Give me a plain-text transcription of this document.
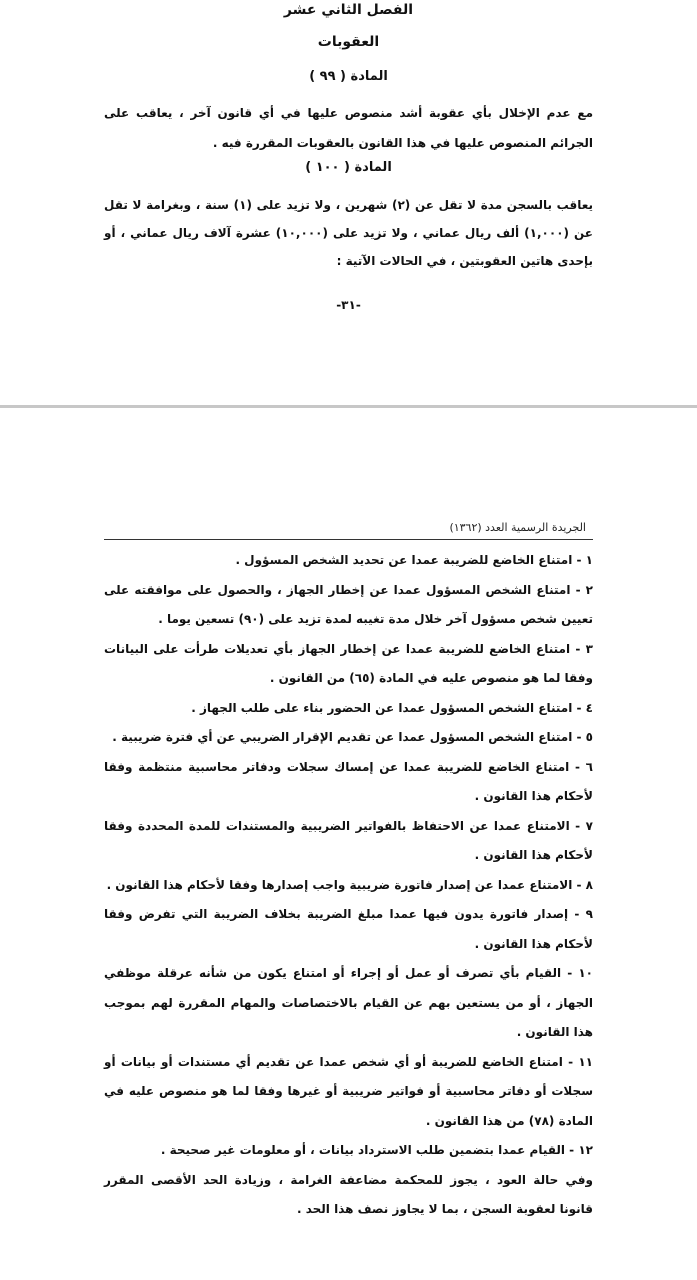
الفصل الثاني عشر
العقوبات
المادة ( ٩٩ )
مع عدم الإخلال بأي عقوبة أشد منصوص عليها في أي قانون آخر ، يعاقب على الجرائم المنصوص عليها في هذا القانون بالعقوبات المقررة فيه .
المادة ( ١٠٠ )
يعاقب بالسجن مدة لا تقل عن (٢) شهرين ، ولا تزيد على (١) سنة ، وبغرامة لا تقل عن (١,٠٠٠) ألف ريال عماني ، ولا تزيد على (١٠,٠٠٠) عشرة آلاف ريال عماني ، أو بإحدى هاتين العقوبتين ، في الحالات الآتية :
-٣١-
الجريدة الرسمية العدد (١٣٦٢)
١ - امتناع الخاضع للضريبة عمدا عن تحديد الشخص المسؤول .
٢ - امتناع الشخص المسؤول عمدا عن إخطار الجهاز ، والحصول على موافقته على تعيين شخص مسؤول آخر خلال مدة تغيبه لمدة تزيد على (٩٠) تسعين يوما .
٣ - امتناع الخاضع للضريبة عمدا عن إخطار الجهاز بأي تعديلات طرأت على البيانات وفقا لما هو منصوص عليه في المادة (٦٥) من القانون .
٤ - امتناع الشخص المسؤول عمدا عن الحضور بناء على طلب الجهاز .
٥ - امتناع الشخص المسؤول عمدا عن تقديم الإقرار الضريبي عن أي فترة ضريبية .
٦ - امتناع الخاضع للضريبة عمدا عن إمساك سجلات ودفاتر محاسبية منتظمة وفقا لأحكام هذا القانون .
٧ - الامتناع عمدا عن الاحتفاظ بالفواتير الضريبية والمستندات للمدة المحددة وفقا لأحكام هذا القانون .
٨ - الامتناع عمدا عن إصدار فاتورة ضريبية واجب إصدارها وفقا لأحكام هذا القانون .
٩ - إصدار فاتورة يدون فيها عمدا مبلغ الضريبة بخلاف الضريبة التي تفرض وفقا لأحكام هذا القانون .
١٠ - القيام بأي تصرف أو عمل أو إجراء أو امتناع يكون من شأنه عرقلة موظفي الجهاز ، أو من يستعين بهم عن القيام بالاختصاصات والمهام المقررة لهم بموجب هذا القانون .
١١ - امتناع الخاضع للضريبة أو أي شخص عمدا عن تقديم أي مستندات أو بيانات أو سجلات أو دفاتر محاسبية أو فواتير ضريبية أو غيرها وفقا لما هو منصوص عليه في المادة (٧٨) من هذا القانون .
١٢ - القيام عمدا بتضمين طلب الاسترداد بيانات ، أو معلومات غير صحيحة .
وفي حالة العود ، يجوز للمحكمة مضاعفة الغرامة ، وزيادة الحد الأقصى المقرر قانونا لعقوبة السجن ، بما لا يجاوز نصف هذا الحد .
